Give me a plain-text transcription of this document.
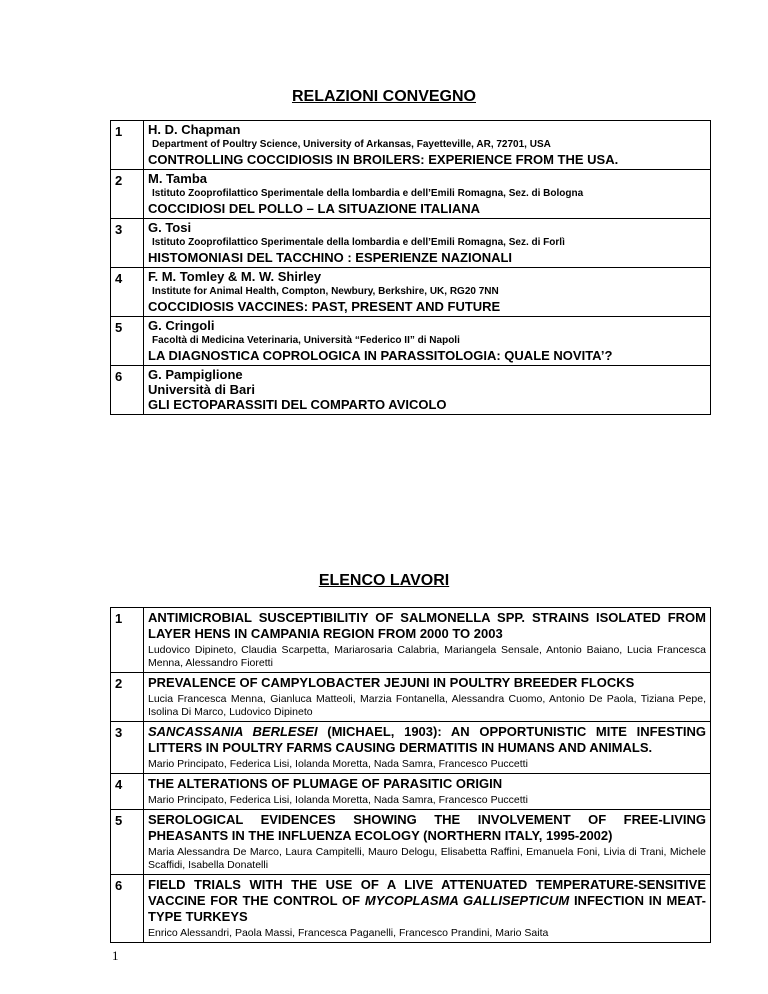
RELAZIONI CONVEGNO
1	H. D. Chapman
Department of Poultry Science, University of Arkansas, Fayetteville, AR, 72701, USA
CONTROLLING COCCIDIOSIS IN BROILERS: EXPERIENCE FROM THE USA.

2	M. Tamba
Istituto Zooprofilattico Sperimentale della lombardia e dell’Emili Romagna, Sez. di Bologna
COCCIDIOSI DEL POLLO – LA SITUAZIONE ITALIANA

3	G. Tosi
Istituto Zooprofilattico Sperimentale della lombardia e dell’Emili Romagna, Sez. di Forlì
HISTOMONIASI DEL TACCHINO : ESPERIENZE NAZIONALI

4	F. M. Tomley & M. W. Shirley
Institute for Animal Health, Compton, Newbury, Berkshire, UK, RG20 7NN
COCCIDIOSIS VACCINES: PAST, PRESENT AND FUTURE

5	G. Cringoli
Facoltà di Medicina Veterinaria, Università “Federico II” di Napoli
LA DIAGNOSTICA COPROLOGICA IN PARASSITOLOGIA: QUALE NOVITA’?

6	G. Pampiglione
Università di Bari
GLI ECTOPARASSITI DEL COMPARTO AVICOLO
ELENCO LAVORI
1	ANTIMICROBIAL SUSCEPTIBILITIY OF SALMONELLA SPP. STRAINS ISOLATED FROM LAYER HENS IN CAMPANIA REGION FROM 2000 TO 2003
Ludovico Dipineto, Claudia Scarpetta, Mariarosaria Calabria, Mariangela Sensale, Antonio Baiano, Lucia Francesca Menna, Alessandro Fioretti

2	PREVALENCE OF CAMPYLOBACTER JEJUNI IN POULTRY BREEDER FLOCKS
Lucia Francesca Menna, Gianluca Matteoli, Marzia Fontanella, Alessandra Cuomo, Antonio De Paola, Tiziana Pepe, Isolina Di Marco, Ludovico Dipineto

3	SANCASSANIA BERLESEI (MICHAEL, 1903): AN OPPORTUNISTIC MITE INFESTING LITTERS IN POULTRY FARMS CAUSING DERMATITIS IN HUMANS AND ANIMALS.
Mario Principato, Federica Lisi, Iolanda Moretta, Nada Samra, Francesco Puccetti

4	THE ALTERATIONS OF PLUMAGE OF PARASITIC ORIGIN
Mario Principato, Federica Lisi, Iolanda Moretta, Nada Samra, Francesco Puccetti

5	SEROLOGICAL EVIDENCES SHOWING THE INVOLVEMENT OF FREE-LIVING PHEASANTS IN THE INFLUENZA ECOLOGY (NORTHERN ITALY, 1995-2002)
Maria Alessandra De Marco, Laura Campitelli, Mauro Delogu, Elisabetta Raffini, Emanuela Foni, Livia di Trani, Michele Scaffidi, Isabella Donatelli

6	FIELD TRIALS WITH THE USE OF A LIVE ATTENUATED TEMPERATURE-SENSITIVE VACCINE FOR THE CONTROL OF MYCOPLASMA GALLISEPTICUM INFECTION IN MEAT-TYPE TURKEYS
Enrico Alessandri, Paola Massi, Francesca Paganelli, Francesco Prandini, Mario Saita
1
